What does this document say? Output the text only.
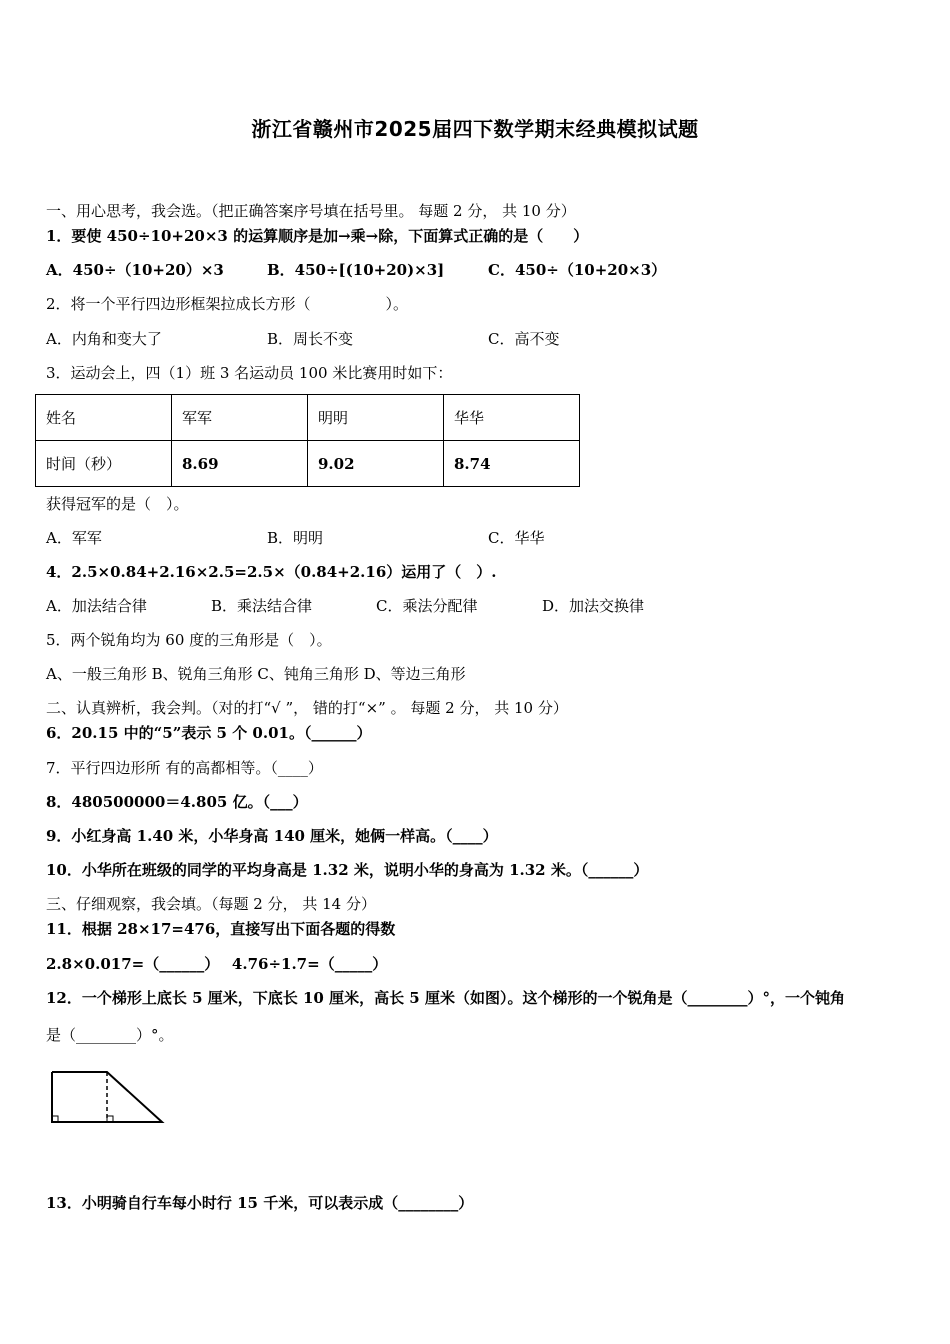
浙江省赣州市2025届四下数学期末经典模拟试题
一、用心思考，我会选。（把正确答案序号填在括号里。 每题 2 分， 共 10 分）
1．要使 450÷10+20×3 的运算顺序是加→乘→除，下面算式正确的是（　　）
A．450÷（10+20）×3	B．450÷[(10+20)×3]	C．450÷（10+20×3）
2．将一个平行四边形框架拉成长方形（　　　　　）。
A．内角和变大了	B．周长不变	C．高不变
3．运动会上，四（1）班 3 名运动员 100 米比赛用时如下：
姓名	军军	明明	华华
时间（秒）	8.69	9.02	8.74
获得冠军的是（　）。
A．军军	B．明明	C．华华
4．2.5×0.84+2.16×2.5=2.5×（0.84+2.16）运用了（　）.
A．加法结合律	B．乘法结合律	C．乘法分配律	D．加法交换律
5．两个锐角均为 60 度的三角形是（　）。
A、一般三角形 B、锐角三角形 C、钝角三角形 D、等边三角形
二、认真辨析，我会判。（对的打“√ ”， 错的打“×” 。 每题 2 分， 共 10 分）
6．20.15 中的“5”表示 5 个 0.01。（______）
7．平行四边形所 有的高都相等。（____）
8．480500000＝4.805 亿。（___）
9．小红身高 1.40 米，小华身高 140 厘米，她俩一样高。（____）
10．小华所在班级的同学的平均身高是 1.32 米，说明小华的身高为 1.32 米。（______）
三、仔细观察，我会填。（每题 2 分， 共 14 分）
11．根据 28×17=476，直接写出下面各题的得数
2.8×0.017=（______）　 4.76÷1.7=（_____）
12．一个梯形上底长 5 厘米，下底长 10 厘米，高长 5 厘米（如图）。这个梯形的一个锐角是（________）°，一个钝角
是（________）°。
13．小明骑自行车每小时行 15 千米，可以表示成（________）
